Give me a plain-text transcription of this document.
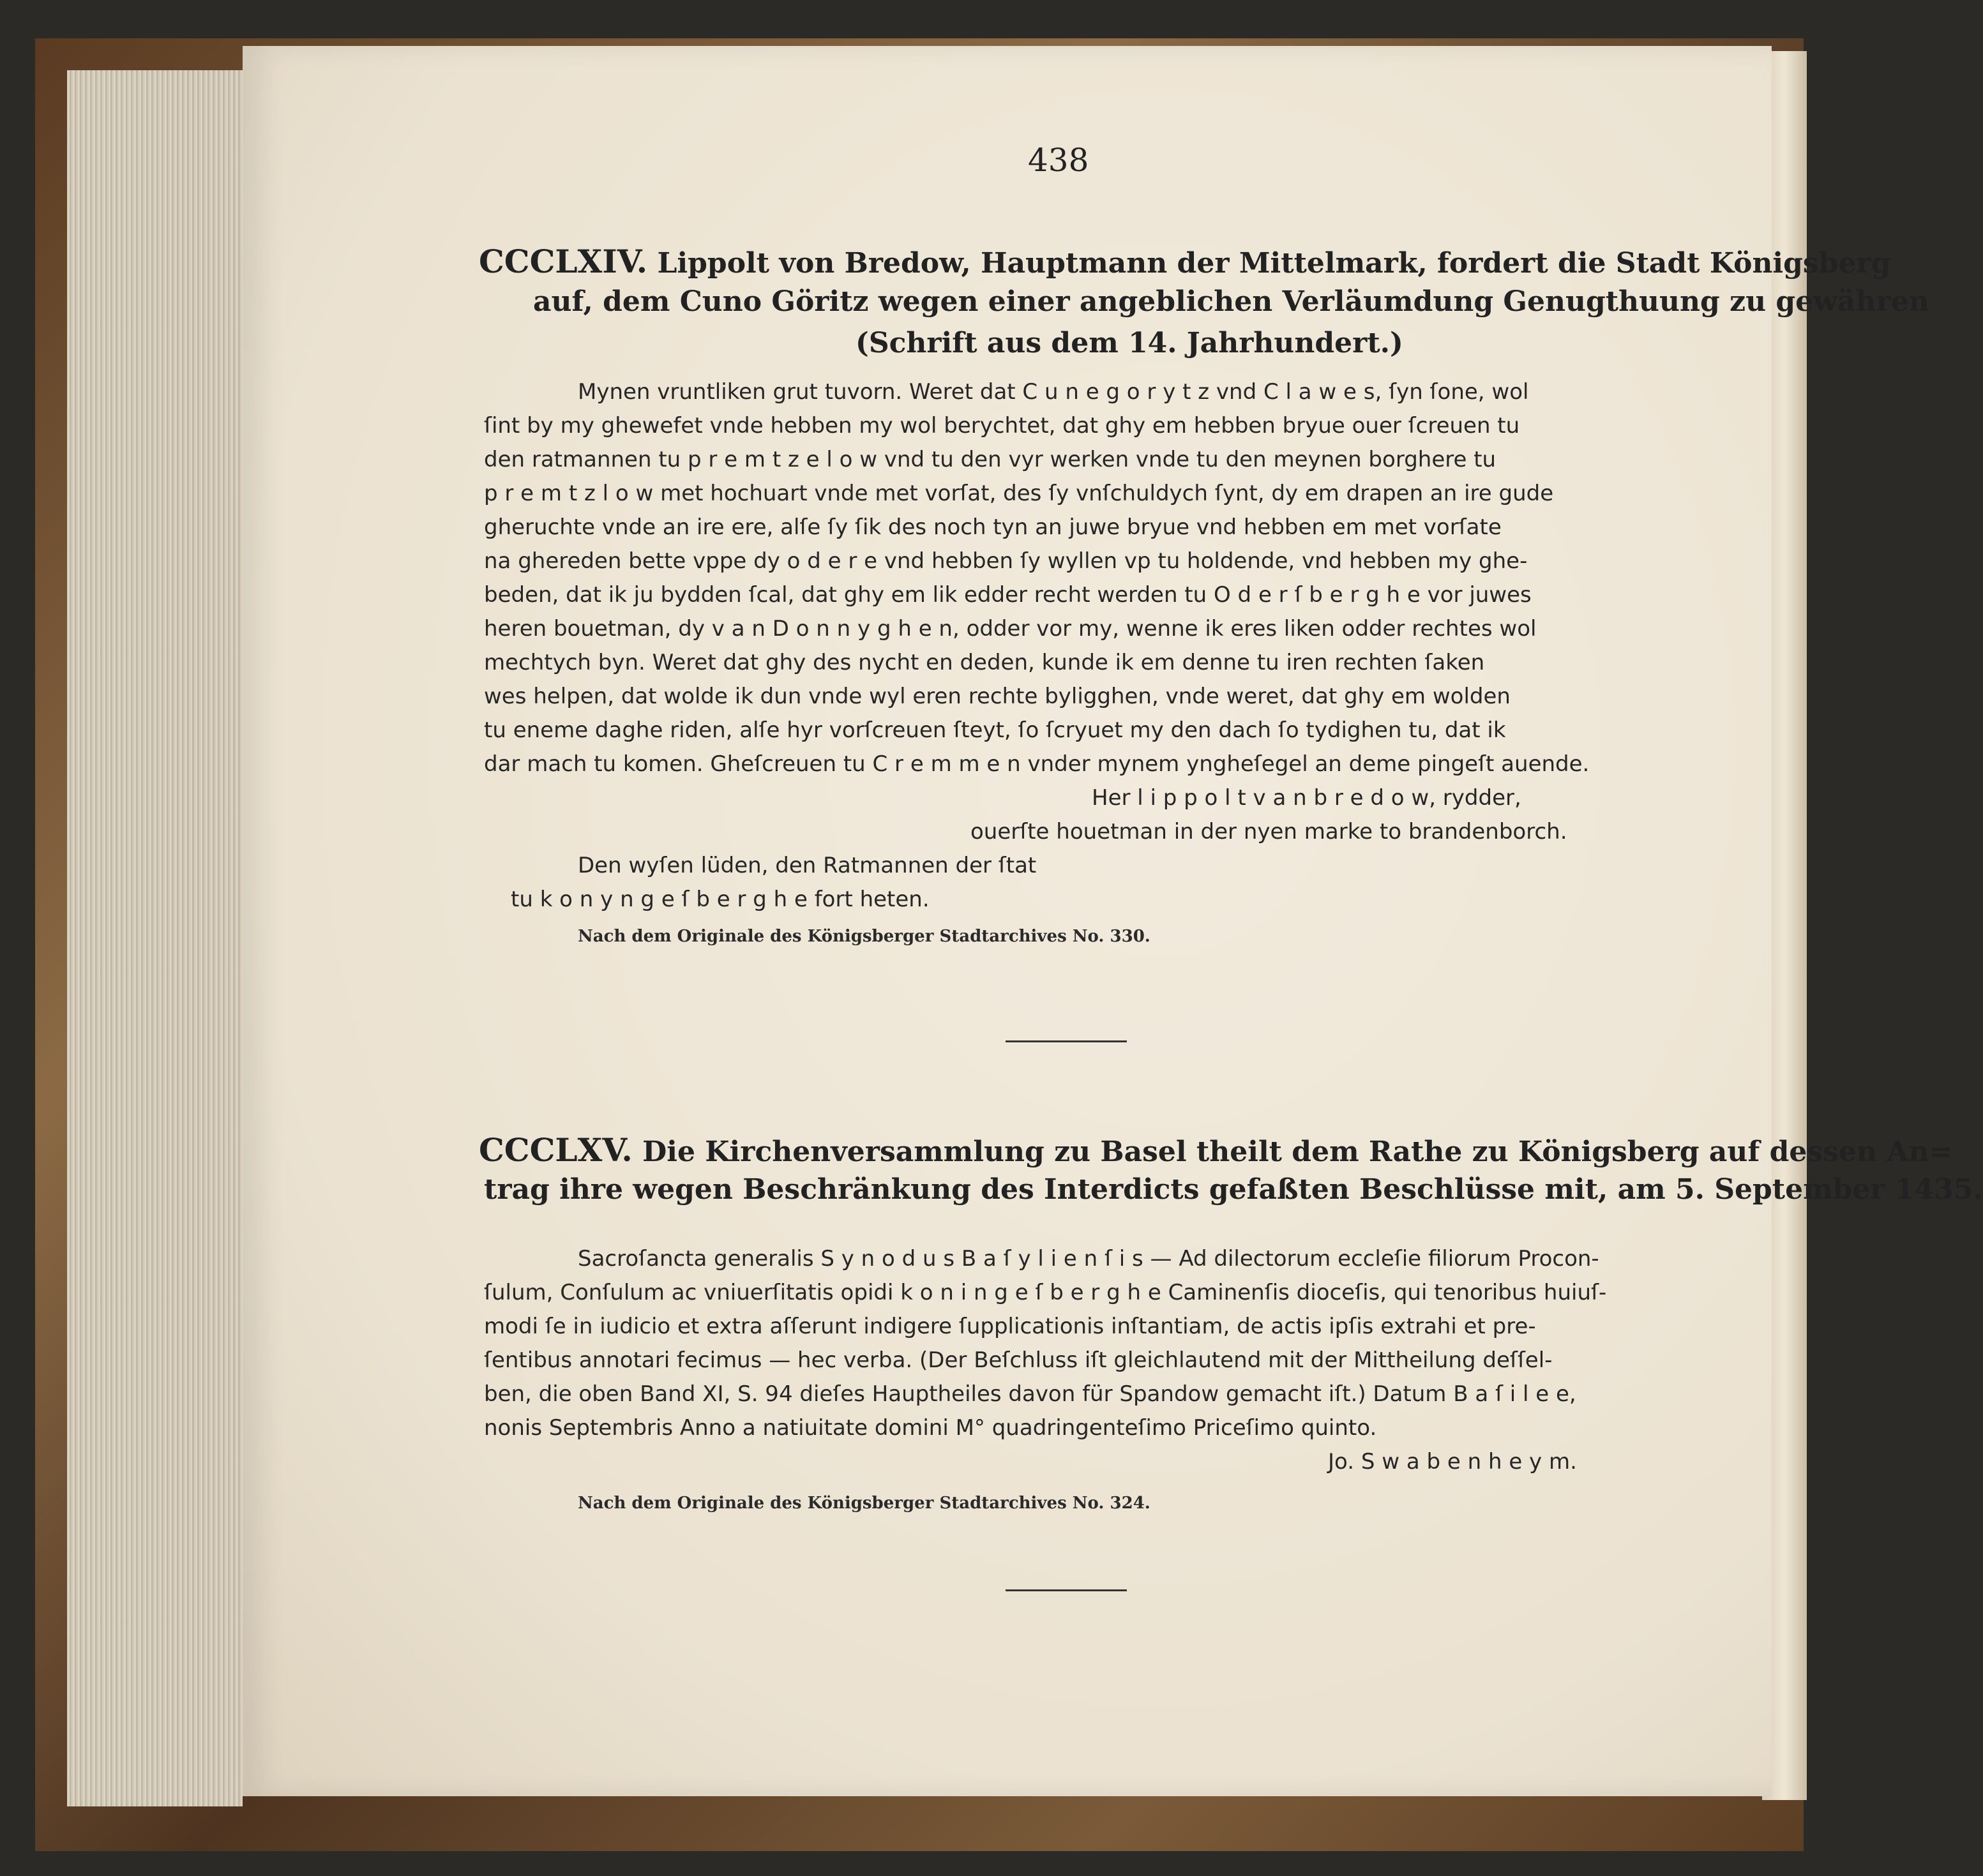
438
CCCLXIV. Lippolt von Bredow, Hauptmann der Mittelmark, fordert die Stadt Königsberg
auf, dem Cuno Göritz wegen einer angeblichen Verläumdung Genugthuung zu gewähren
(Schrift aus dem 14. Jahrhundert.)
Mynen vruntliken grut tuvorn. Weret dat C u n e g o r y t z vnd C l a w e s, ſyn ſone, wol
ſint by my ghewefet vnde hebben my wol berychtet, dat ghy em hebben bryue ouer ſcreuen tu
den ratmannen tu p r e m t z e l o w vnd tu den vyr werken vnde tu den meynen borghere tu
p r e m t z l o w met hochuart vnde met vorſat, des ſy vnſchuldych ſynt, dy em drapen an ire gude
gheruchte vnde an ire ere, alſe ſy ſik des noch tyn an juwe bryue vnd hebben em met vorſate
na ghereden bette vppe dy o d e r e vnd hebben ſy wyllen vp tu holdende, vnd hebben my ghe-
beden, dat ik ju bydden ſcal, dat ghy em lik edder recht werden tu O d e r ſ b e r g h e vor juwes
heren bouetman, dy v a n D o n n y g h e n, odder vor my, wenne ik eres liken odder rechtes wol
mechtych byn. Weret dat ghy des nycht en deden, kunde ik em denne tu iren rechten ſaken
wes helpen, dat wolde ik dun vnde wyl eren rechte byligghen, vnde weret, dat ghy em wolden
tu eneme daghe riden, alſe hyr vorſcreuen ſteyt, ſo ſcryuet my den dach ſo tydighen tu, dat ik
dar mach tu komen. Gheſcreuen tu C r e m m e n vnder mynem yngheſegel an deme pingeſt auende.
Her l i p p o l t v a n b r e d o w, rydder,
ouerſte houetman in der nyen marke to brandenborch.
Den wyſen lüden, den Ratmannen der ſtat
tu k o n y n g e ſ b e r g h e fort heten.
Nach dem Originale des Königsberger Stadtarchives No. 330.
CCCLXV. Die Kirchenversammlung zu Basel theilt dem Rathe zu Königsberg auf dessen An=
trag ihre wegen Beschränkung des Interdicts gefaßten Beschlüsse mit, am 5. September 1435.
Sacroſancta generalis S y n o d u s B a ſ y l i e n ſ i s — Ad dilectorum eccleſie filiorum Procon-
ſulum, Conſulum ac vniuerſitatis opidi k o n i n g e ſ b e r g h e Caminenſis dioceſis, qui tenoribus huiuſ-
modi ſe in iudicio et extra aſſerunt indigere ſupplicationis inſtantiam, de actis ipſis extrahi et pre-
ſentibus annotari fecimus — hec verba. (Der Beſchluss iſt gleichlautend mit der Mittheilung deſſel-
ben, die oben Band XI, S. 94 dieſes Hauptheiles davon für Spandow gemacht iſt.) Datum B a ſ i l e e,
nonis Septembris Anno a natiuitate domini M° quadringenteſimo Priceſimo quinto.
Jo. S w a b e n h e y m.
Nach dem Originale des Königsberger Stadtarchives No. 324.
